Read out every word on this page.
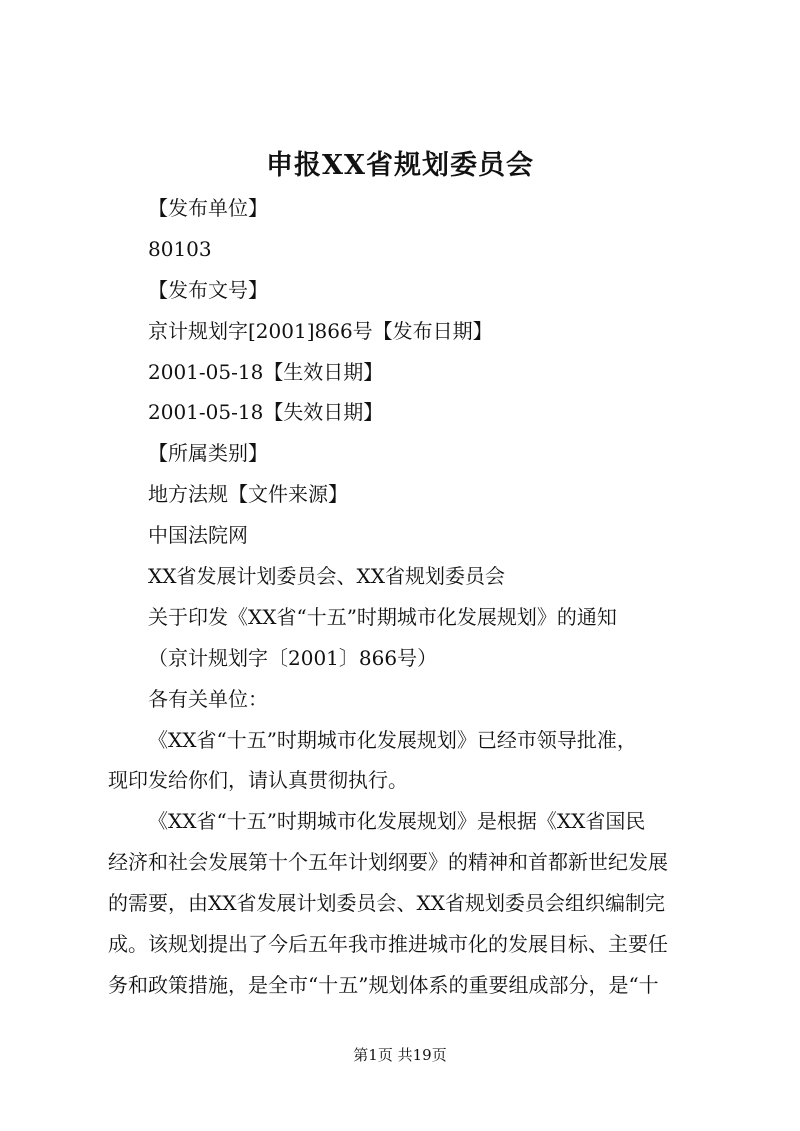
申报XX省规划委员会
【发布单位】
80103
【发布文号】
京计规划字[2001]866号【发布日期】
2001-05-18【生效日期】
2001-05-18【失效日期】
【所属类别】
地方法规【文件来源】
中国法院网
XX省发展计划委员会、XX省规划委员会
关于印发《XX省“十五”时期城市化发展规划》的通知
（京计规划字〔2001〕866号）
各有关单位：
《XX省“十五”时期城市化发展规划》已经市领导批准，
现印发给你们，请认真贯彻执行。
《XX省“十五”时期城市化发展规划》是根据《XX省国民
经济和社会发展第十个五年计划纲要》的精神和首都新世纪发展
的需要，由XX省发展计划委员会、XX省规划委员会组织编制完
成。该规划提出了今后五年我市推进城市化的发展目标、主要任
务和政策措施，是全市“十五”规划体系的重要组成部分，是“十
第1页 共19页
